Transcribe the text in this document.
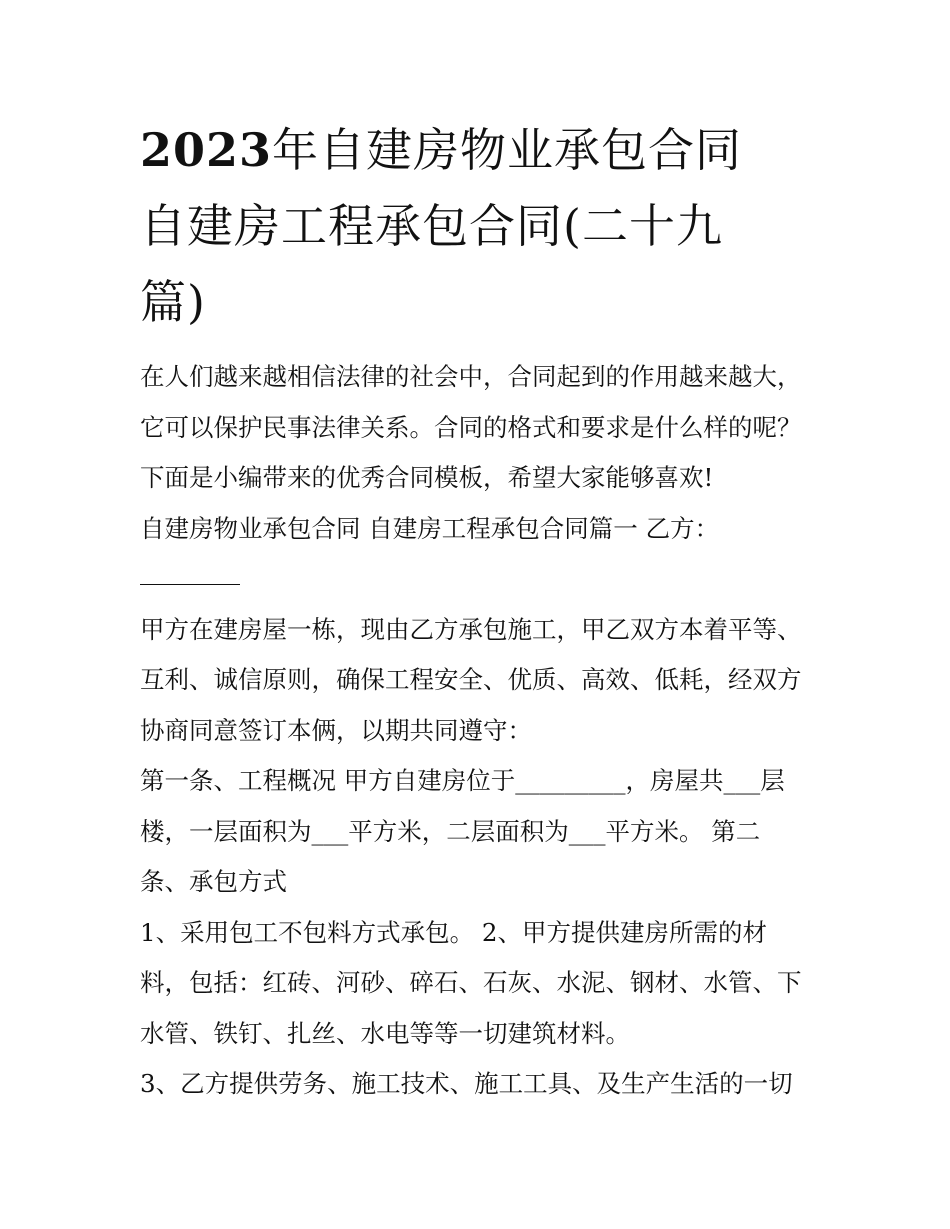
2023年自建房物业承包合同
自建房工程承包合同(二十九
篇)
在人们越来越相信法律的社会中，合同起到的作用越来越大，
它可以保护民事法律关系。合同的格式和要求是什么样的呢？
下面是小编带来的优秀合同模板，希望大家能够喜欢!
自建房物业承包合同 自建房工程承包合同篇一 乙方：
甲方在建房屋一栋，现由乙方承包施工，甲乙双方本着平等、
互利、诚信原则，确保工程安全、优质、高效、低耗，经双方
协商同意签订本俩，以期共同遵守：
第一条、工程概况 甲方自建房位于_________，房屋共___层
楼，一层面积为___平方米，二层面积为___平方米。 第二
条、承包方式
1、采用包工不包料方式承包。 2、甲方提供建房所需的材
料，包括：红砖、河砂、碎石、石灰、水泥、钢材、水管、下
水管、铁钉、扎丝、水电等等一切建筑材料。
3、乙方提供劳务、施工技术、施工工具、及生产生活的一切
